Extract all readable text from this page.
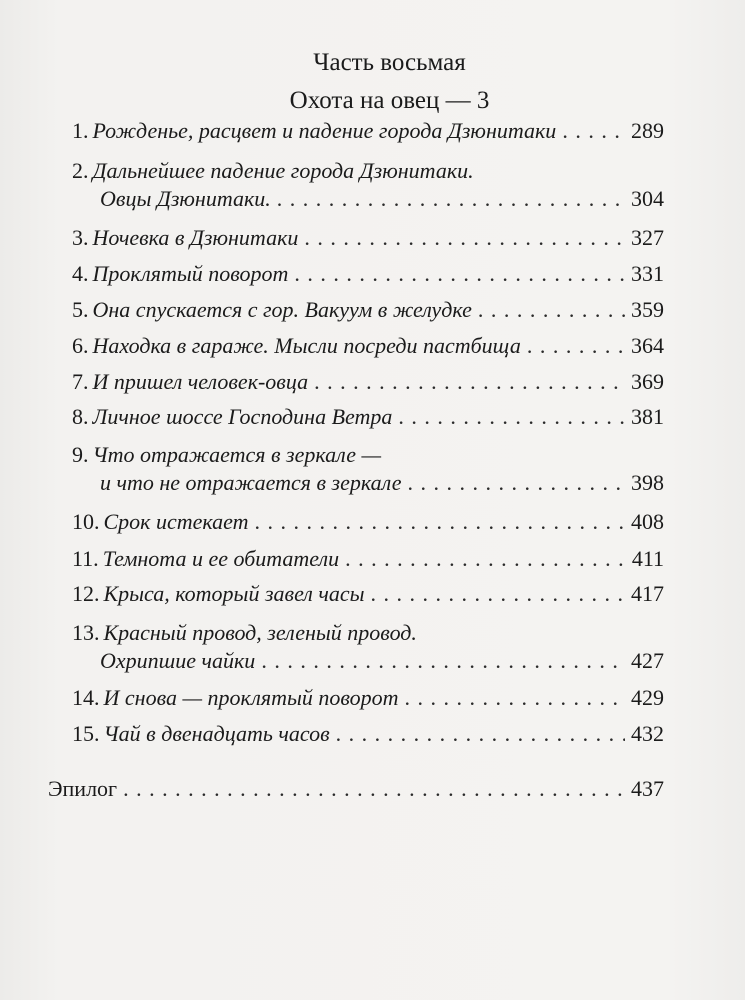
Часть восьмая
Охота на овец — 3
1. Рожденье, расцвет и падение города Дзюнитаки . . .	289
2. Дальнейшее падение города Дзюнитаки.
Овцы Дзюнитаки. . . .	304
3. Ночевка в Дзюнитаки . . .	327
4. Проклятый поворот . . .	331
5. Она спускается с гор. Вакуум в желудке . . .	359
6. Находка в гараже. Мысли посреди пастбища . . .	364
7. И пришел человек-овца . . .	369
8. Личное шоссе Господина Ветра . . .	381
9. Что отражается в зеркале —
и что не отражается в зеркале . . .	398
10. Срок истекает . . .	408
11. Темнота и ее обитатели . . .	411
12. Крыса, который завел часы . . .	417
13. Красный провод, зеленый провод.
Охрипшие чайки . . .	427
14. И снова — проклятый поворот . . .	429
15. Чай в двенадцать часов . . .	432
Эпилог . . .	437
